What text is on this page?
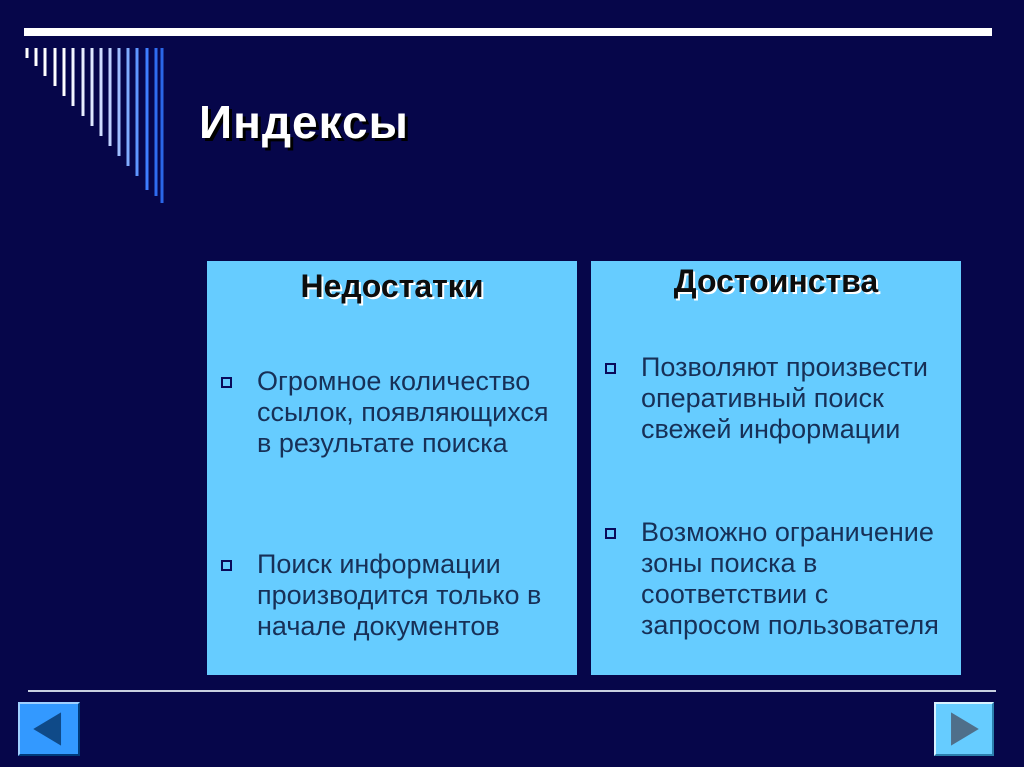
Индексы
Недостатки
Огромное количество ссылок, появляющихся в результате поиска
Поиск информации производится только в начале документов
Достоинства
Позволяют произвести оперативный поиск свежей информации
Возможно ограничение зоны поиска в соответствии с запросом пользователя
